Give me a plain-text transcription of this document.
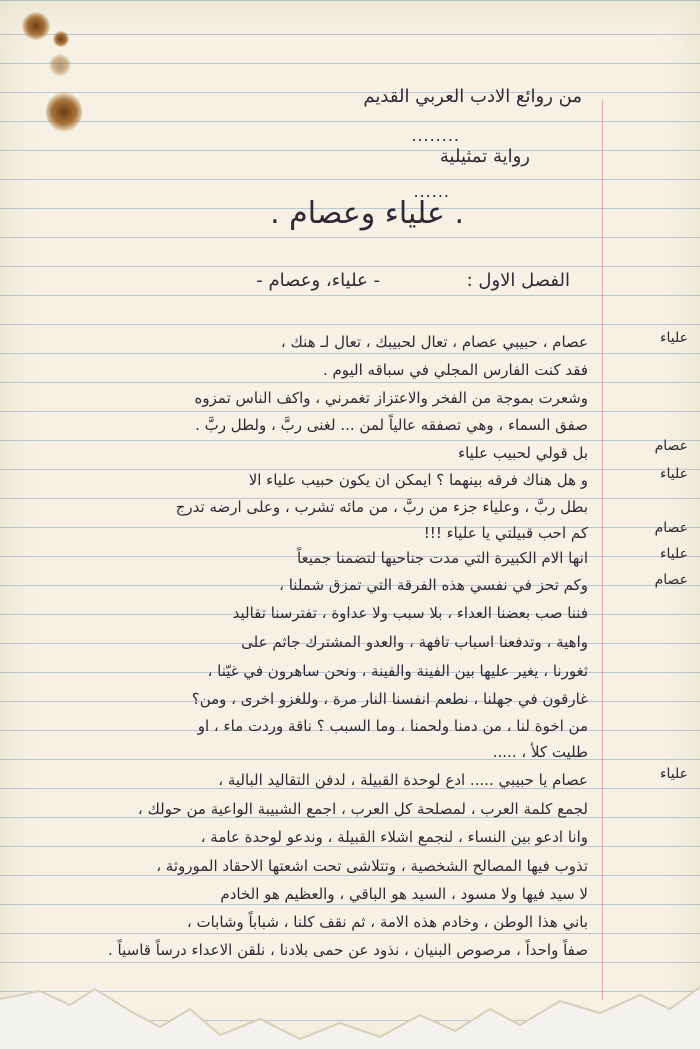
من روائع الادب العربي القديم
........
رواية تمثيلية
......
. علياء وعصام .
الفصل الاول :
- علياء، وعصام -
علياء
عصام
علياء
عصام
علياء
عصام
علياء
عصام ، حبيبي عصام ، تعال لحبيبك ، تعال لـ هنك ،
فقد كنت الفارس المجلي في سباقه اليوم .
وشعرت بموجة من الفخر والاعتزاز تغمرني ، واكف الناس تمزوه
صفق السماء ، وهي تصفقه عالياً لمن ... لغنى ربَّ ، ولطل ربَّ .
بل قولي لحبيب علياء
و هل هناك فرقه بينهما ؟ ايمكن ان يكون حبيب علياء الا
بطل ربَّ ، وعلياء جزء من ربَّ ، من مائه تشرب ، وعلى ارضه تدرج
كم احب قبيلتي يا علياء !!!
انها الام الكبيرة التي مدت جناحيها لتضمنا جميعاً
وكم تحز في نفسي هذه الفرقة التي تمزق شملنا ،
فننا صب بعضنا العداء ، بلا سبب ولا عداوة ، تفترسنا تقاليد
واهية ، وتدفعنا اسباب تافهة ، والعدو المشترك جاثم على
ثغورنا ، يغير عليها بين الفينة والفينة ، ونحن ساهرون في غيّنا ،
غارقون في جهلنا ، نطعم انفسنا النار مرة ، وللغزو اخرى ، ومن؟
من اخوة لنا ، من دمنا ولحمنا ، وما السبب ؟ ناقة وردت ماء ، او
طليت كلأ ، .....
عصام يا حبيبي ..... ادع لوحدة القبيلة ، لدفن التقاليد البالية ،
لجمع كلمة العرب ، لمصلحة كل العرب ، اجمع الشبيبة الواعية من حولك ،
وانا ادعو بين النساء ، لنجمع اشلاء القبيلة ، وندعو لوحدة عامة ،
تذوب فيها المصالح الشخصية ، وتتلاشى تحت اشعتها الاحقاد الموروثة ،
لا سيد فيها ولا مسود ، السيد هو الباقي ، والعظيم هو الخادم
باني هذا الوطن ، وخادم هذه الامة ، ثم نقف كلنا ، شباباً وشابات ،
صفاً واحداً ، مرصوص البنيان ، نذود عن حمى بلادنا ، نلقن الاعداء درساً قاسياً .
